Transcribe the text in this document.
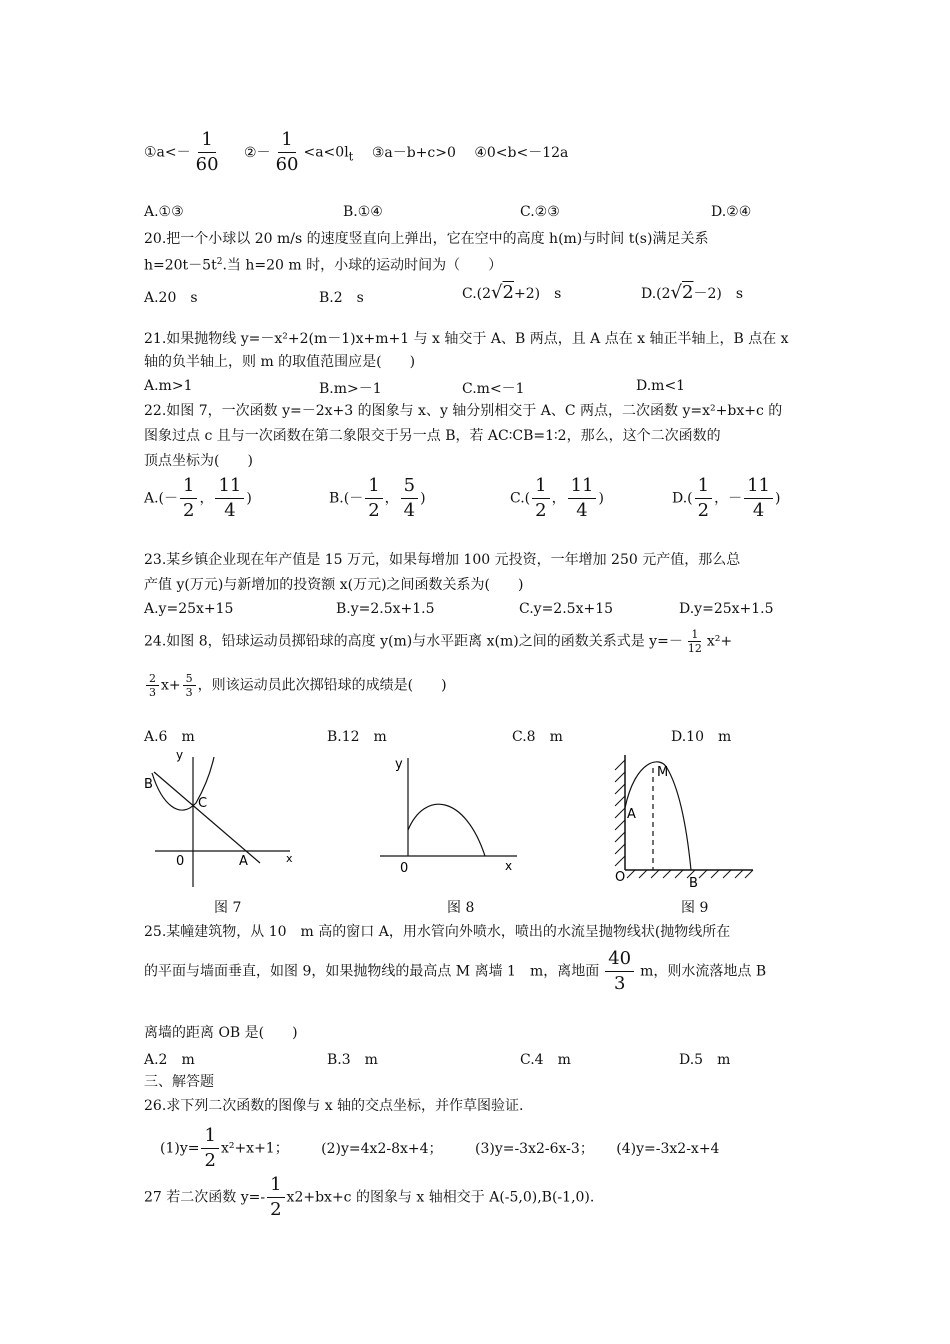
①a<－ $\frac{1}{60}$ ②－ $\frac{1}{60} <a<0l_t$ ③a－b+c>0 ④0<b<－12a
A.①③	B.①④	C.②③	D.②④
20.把一个小球以 20 m/s 的速度竖直向上弹出，它在空中的高度 h(m)与时间 t(s)满足关系
$h=20t-5t^2$.当 h=20 m 时，小球的运动时间为（　　）
A.20　s	B.2　s	C.(2√2+2)　s	D.(2√2－2)　s
21.如果抛物线 y=－x²+2(m－1)x+m+1 与 x 轴交于 A、B 两点，且 A 点在 x 轴正半轴上，B 点在 x
轴的负半轴上，则 m 的取值范围应是(　　)
A.m>1	B.m>－1	C.m<－1	D.m<1
22.如图 7，一次函数 y=－2x+3 的图象与 x、y 轴分别相交于 A、C 两点，二次函数 y=x²+bx+c 的
图象过点 c 且与一次函数在第二象限交于另一点 B，若 AC∶CB=1∶2，那么，这个二次函数的
顶点坐标为(　　)
$A.(- \frac{1}{2}$ ， $\frac{11}{4}$ )	$B.(- \frac{1}{2}$ ， $\frac{5}{4}$ )	$C.( \frac{1}{2}$ ， $\frac{11}{4}$ )	$D.( \frac{1}{2}$ ，－ $\frac{11}{4}$ )
23.某乡镇企业现在年产值是 15 万元，如果每增加 100 元投资，一年增加 250 元产值，那么总
产值 y(万元)与新增加的投资额 x(万元)之间函数关系为(　　)
A.y=25x+15	B.y=2.5x+1.5	C.y=2.5x+15	D.y=25x+1.5
24.如图 8，铅球运动员掷铅球的高度 y(m)与水平距离 x(m)之间的函数关系式是 $y=- \frac{1}{12} x^2+$
$\frac{2}{3} x+ \frac{5}{3}$ ，则该运动员此次掷铅球的成绩是(　　)
A.6　m	B.12　m	C.8　m	D.10　m
y
B
C
0	A	x
图 7
y
0	x
图 8
M
A
O	B
图 9
25.某幢建筑物，从 10　m 高的窗口 A，用水管向外喷水，喷出的水流呈抛物线状(抛物线所在
的平面与墙面垂直，如图 9，如果抛物线的最高点 M 离墙 1　m，离地面 $\frac{40}{3}$ m，则水流落地点 B
离墙的距离 OB 是(　　)
A.2　m	B.3　m	C.4　m	D.5　m
三、解答题
26.求下列二次函数的图像与 x 轴的交点坐标，并作草图验证.
$(1)y= \frac{1}{2} x^2+x+1$； (2)y=4x2-8x+4； (3)y=-3x2-6x-3； (4)y=-3x2-x+4
27 若二次函数 $y=- \frac{1}{2} x2+bx+c$ 的图象与 x 轴相交于 A(-5,0),B(-1,0).
